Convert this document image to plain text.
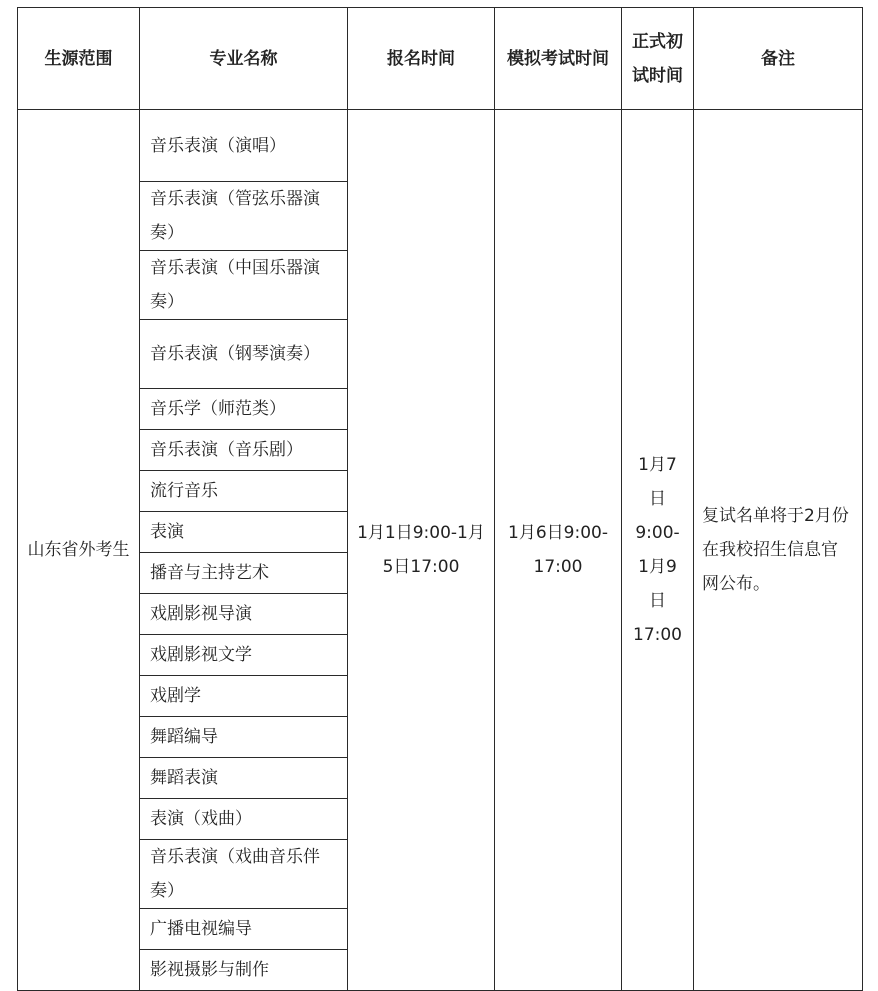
生源范围	专业名称	报名时间	模拟考试时间	正式初试时间	备注
山东省外考生	音乐表演（演唱）	1月1日9:00-1月5日17:00	1月6日9:00-17:00	1月7日9:00-1月9日17:00	复试名单将于2月份在我校招生信息官网公布。
	音乐表演（管弦乐器演奏）				
	音乐表演（中国乐器演奏）				
	音乐表演（钢琴演奏）				
	音乐学（师范类）				
	音乐表演（音乐剧）				
	流行音乐				
	表演				
	播音与主持艺术				
	戏剧影视导演				
	戏剧影视文学				
	戏剧学				
	舞蹈编导				
	舞蹈表演				
	表演（戏曲）				
	音乐表演（戏曲音乐伴奏）				
	广播电视编导				
	影视摄影与制作				
